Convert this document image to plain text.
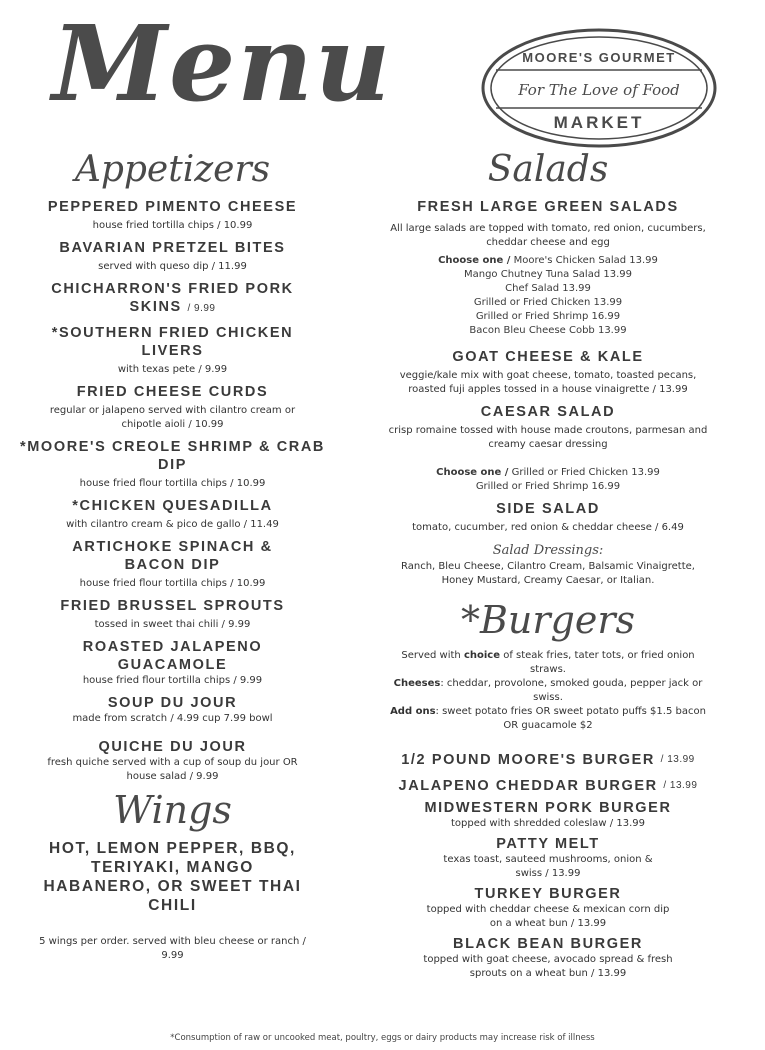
Menu	MOORE'S GOURMET
For The Love of Food
MARKET
Appetizers
PEPPERED PIMENTO CHEESE
house fried tortilla chips / 10.99
BAVARIAN PRETZEL BITES
served with queso dip / 11.99
CHICHARRON'S FRIED PORK SKINS / 9.99
*SOUTHERN FRIED CHICKEN LIVERS
with texas pete / 9.99
FRIED CHEESE CURDS
regular or jalapeno served with cilantro cream or chipotle aioli / 10.99
*MOORE'S CREOLE SHRIMP & CRAB DIP
house fried flour tortilla chips / 10.99
*CHICKEN QUESADILLA
with cilantro cream & pico de gallo / 11.49
ARTICHOKE SPINACH & BACON DIP
house fried flour tortilla chips / 10.99
FRIED BRUSSEL SPROUTS
tossed in sweet thai chili / 9.99
ROASTED JALAPENO GUACAMOLE
house fried flour tortilla chips / 9.99
SOUP DU JOUR
made from scratch / 4.99 cup 7.99 bowl
QUICHE DU JOUR
fresh quiche served with a cup of soup du jour OR house salad / 9.99
Wings
HOT, LEMON PEPPER, BBQ, TERIYAKI, MANGO HABANERO, OR SWEET THAI CHILI
5 wings per order. served with bleu cheese or ranch / 9.99
Salads
FRESH LARGE GREEN SALADS
All large salads are topped with tomato, red onion, cucumbers, cheddar cheese and egg
Choose one / Moore's Chicken Salad 13.99
Mango Chutney Tuna Salad 13.99
Chef Salad 13.99
Grilled or Fried Chicken 13.99
Grilled or Fried Shrimp 16.99
Bacon Bleu Cheese Cobb 13.99
GOAT CHEESE & KALE
veggie/kale mix with goat cheese, tomato, toasted pecans, roasted fuji apples tossed in a house vinaigrette / 13.99
CAESAR SALAD
crisp romaine tossed with house made croutons, parmesan and creamy caesar dressing
Choose one / Grilled or Fried Chicken 13.99
Grilled or Fried Shrimp 16.99
SIDE SALAD
tomato, cucumber, red onion & cheddar cheese / 6.49
Salad Dressings:
Ranch, Bleu Cheese, Cilantro Cream, Balsamic Vinaigrette, Honey Mustard, Creamy Caesar, or Italian.
*Burgers
Served with choice of steak fries, tater tots, or fried onion straws.
Cheeses: cheddar, provolone, smoked gouda, pepper jack or swiss.
Add ons: sweet potato fries OR sweet potato puffs $1.5 bacon OR guacamole $2
1/2 POUND MOORE'S BURGER $^{/ 13.99}$
JALAPENO CHEDDAR BURGER $^{/ 13.99}$
MIDWESTERN PORK BURGER
topped with shredded coleslaw / 13.99
PATTY MELT
texas toast, sauteed mushrooms, onion & swiss / 13.99
TURKEY BURGER
topped with cheddar cheese & mexican corn dip on a wheat bun / 13.99
BLACK BEAN BURGER
topped with goat cheese, avocado spread & fresh sprouts on a wheat bun / 13.99
*Consumption of raw or uncooked meat, poultry, eggs or dairy products may increase risk of illness
